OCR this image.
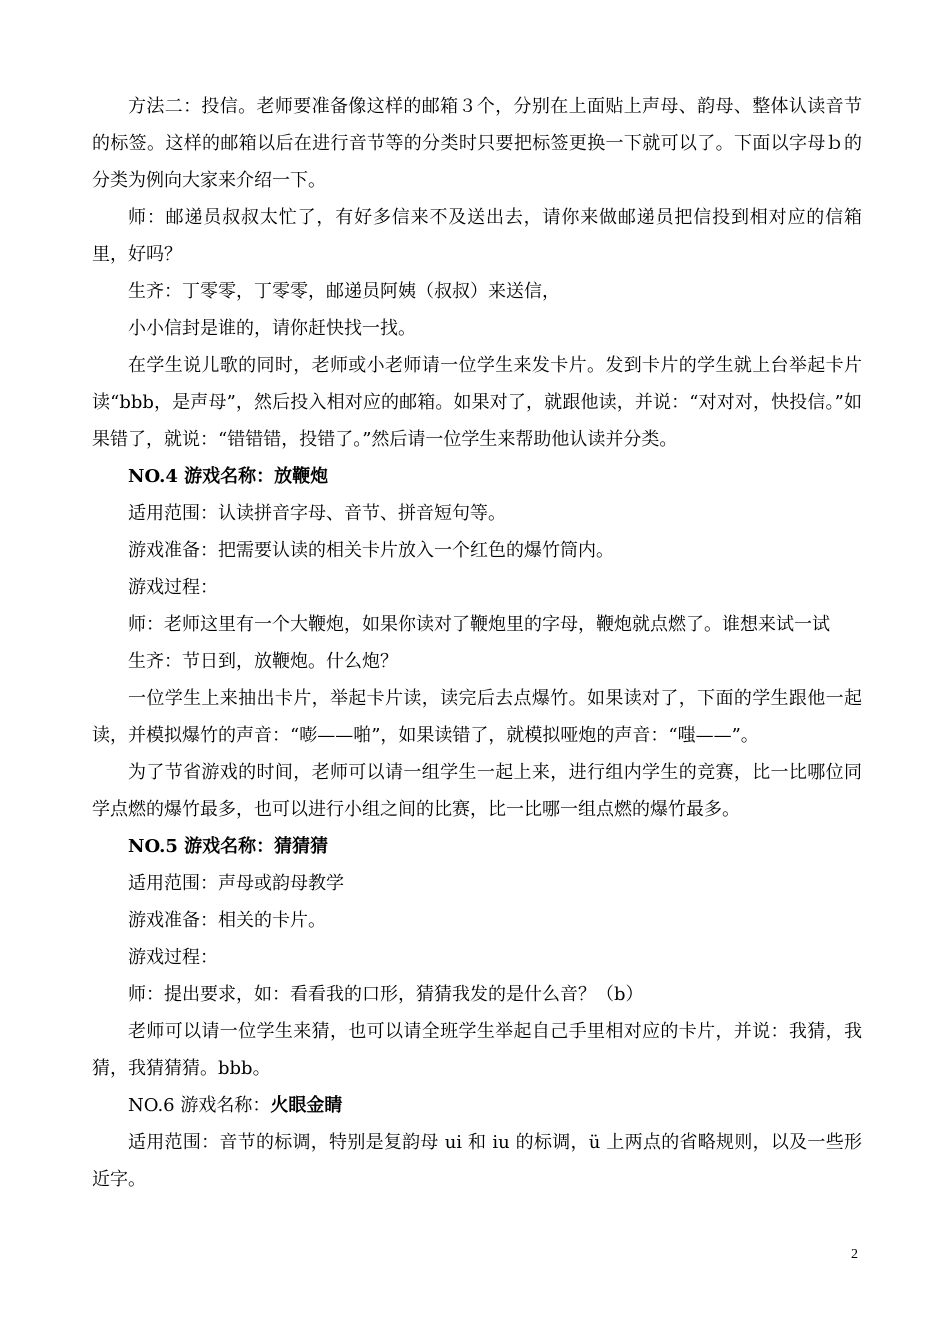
方法二：投信。老师要准备像这样的邮箱３个，分别在上面贴上声母、韵母、整体认读音节的标签。这样的邮箱以后在进行音节等的分类时只要把标签更换一下就可以了。下面以字母ｂ的分类为例向大家来介绍一下。

师：邮递员叔叔太忙了，有好多信来不及送出去，请你来做邮递员把信投到相对应的信箱里，好吗？

生齐：丁零零，丁零零，邮递员阿姨（叔叔）来送信，

小小信封是谁的，请你赶快找一找。

在学生说儿歌的同时，老师或小老师请一位学生来发卡片。发到卡片的学生就上台举起卡片读“bbb，是声母”，然后投入相对应的邮箱。如果对了，就跟他读，并说：“对对对，快投信。”如果错了，就说：“错错错，投错了。”然后请一位学生来帮助他认读并分类。

NO.4 游戏名称：放鞭炮

适用范围：认读拼音字母、音节、拼音短句等。

游戏准备：把需要认读的相关卡片放入一个红色的爆竹筒内。

游戏过程：

师：老师这里有一个大鞭炮，如果你读对了鞭炮里的字母，鞭炮就点燃了。谁想来试一试

生齐：节日到，放鞭炮。什么炮？

一位学生上来抽出卡片，举起卡片读，读完后去点爆竹。如果读对了，下面的学生跟他一起读，并模拟爆竹的声音：“嘭——啪”，如果读错了，就模拟哑炮的声音：“嗤——”。

为了节省游戏的时间，老师可以请一组学生一起上来，进行组内学生的竞赛，比一比哪位同学点燃的爆竹最多，也可以进行小组之间的比赛，比一比哪一组点燃的爆竹最多。

NO.5 游戏名称：猜猜猜

适用范围：声母或韵母教学

游戏准备：相关的卡片。

游戏过程：

师：提出要求，如：看看我的口形，猜猜我发的是什么音？（b）

老师可以请一位学生来猜，也可以请全班学生举起自己手里相对应的卡片，并说：我猜，我猜，我猜猜猜。bbb。

NO.6 游戏名称：火眼金睛

适用范围：音节的标调，特别是复韵母 ui 和 iu 的标调，ü 上两点的省略规则，以及一些形近字。

2
